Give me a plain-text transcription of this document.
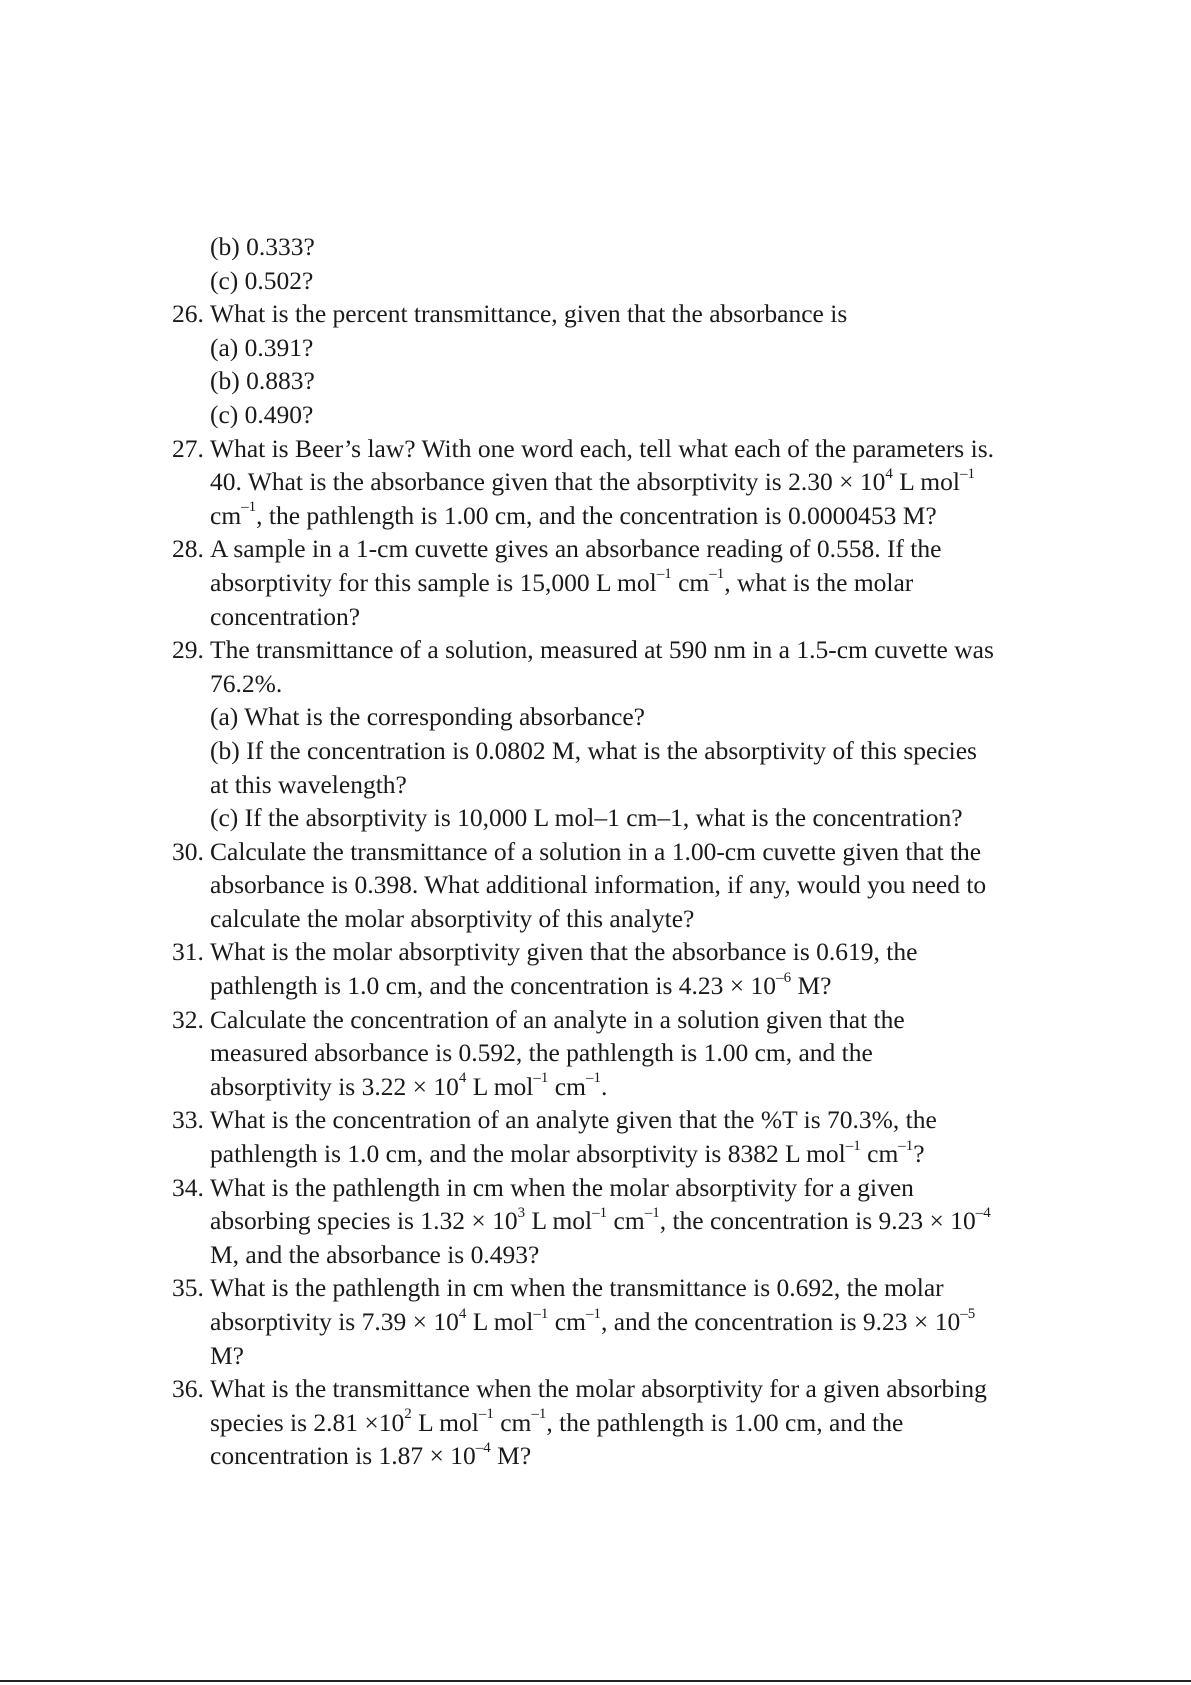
(b) 0.333?
(c) 0.502?
26. What is the percent transmittance, given that the absorbance is
(a) 0.391?
(b) 0.883?
(c) 0.490?
27. What is Beer’s law? With one word each, tell what each of the parameters is.
40. What is the absorbance given that the absorptivity is $2.30 \times 10^4$ L mol$^{-1}$
$cm^{-1}$, the pathlength is 1.00 cm, and the concentration is 0.0000453 M?
28. A sample in a 1-cm cuvette gives an absorbance reading of 0.558. If the
absorptivity for this sample is 15,000 L mol$^{-1}$ $cm^{-1}$, what is the molar
concentration?
29. The transmittance of a solution, measured at 590 nm in a 1.5-cm cuvette was
76.2%.
(a) What is the corresponding absorbance?
(b) If the concentration is 0.0802 M, what is the absorptivity of this species
at this wavelength?
(c) If the absorptivity is 10,000 L mol–1 cm–1, what is the concentration?
30. Calculate the transmittance of a solution in a 1.00-cm cuvette given that the
absorbance is 0.398. What additional information, if any, would you need to
calculate the molar absorptivity of this analyte?
31. What is the molar absorptivity given that the absorbance is 0.619, the
pathlength is 1.0 cm, and the concentration is $4.23 \times 10^{-6}$ M?
32. Calculate the concentration of an analyte in a solution given that the
measured absorbance is 0.592, the pathlength is 1.00 cm, and the
absorptivity is $3.22 \times 10^4$ L mol$^{-1}$ $cm^{-1}$.
33. What is the concentration of an analyte given that the %T is 70.3%, the
pathlength is 1.0 cm, and the molar absorptivity is 8382 L mol$^{-1}$ $cm^{-1}$?
34. What is the pathlength in cm when the molar absorptivity for a given
absorbing species is $1.32 \times 10^3$ L mol$^{-1}$ $cm^{-1}$, the concentration is $9.23 \times 10^{-4}$
M, and the absorbance is 0.493?
35. What is the pathlength in cm when the transmittance is 0.692, the molar
absorptivity is $7.39 \times 10^4$ L mol$^{-1}$ $cm^{-1}$, and the concentration is $9.23 \times 10^{-5}$
M?
36. What is the transmittance when the molar absorptivity for a given absorbing
species is $2.81 \times 10^2$ L mol$^{-1}$ $cm^{-1}$, the pathlength is 1.00 cm, and the
concentration is $1.87 \times 10^{-4}$ M?
